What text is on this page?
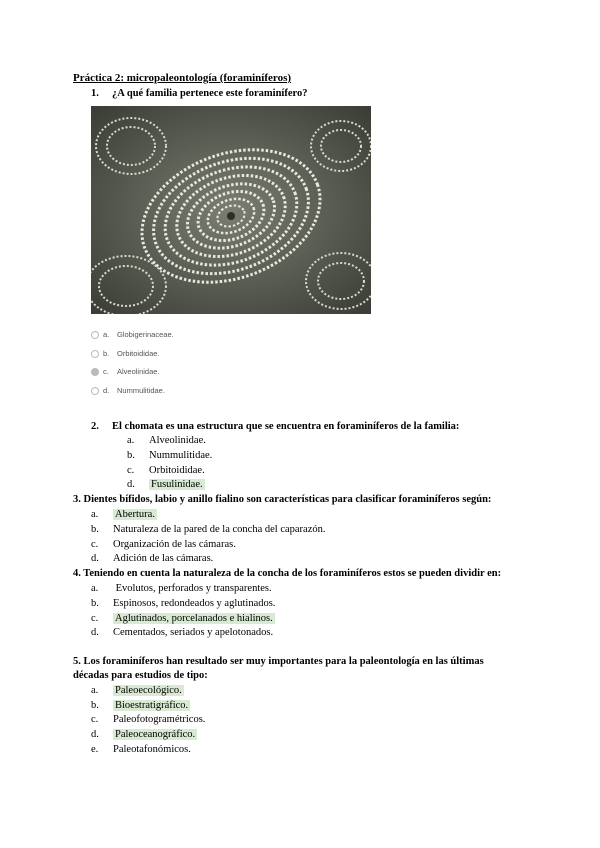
Práctica 2: micropaleontología (foraminíferos)
1.     ¿A qué familia pertenece este foraminífero?
a. Globigerinaceae.
b. Orbitoididae.
c. Alveolinidae.
d. Nummulitidae.
2.     El chomata es una estructura que se encuentra en foraminíferos de la familia:
a. Alveolinidae.
b. Nummulitidae.
c. Orbitoididae.
d. Fusulinidae.
3. Dientes bífidos, labio y anillo fialino son características para clasificar foraminíferos según:
a. Abertura.
b. Naturaleza de la pared de la concha del caparazón.
c. Organización de las cámaras.
d. Adición de las cámaras.
4. Teniendo en cuenta la naturaleza de la concha de los foraminíferos estos se pueden dividir en:
a. Evolutos, perforados y transparentes.
b. Espinosos, redondeados y aglutinados.
c. Aglutinados, porcelanados e hialinos.
d. Cementados, seriados y apelotonados.
5. Los foraminíferos han resultado ser muy importantes para la paleontología en las últimas
décadas para estudios de tipo:
a. Paleoecológico.
b. Bioestratigráfico.
c. Paleofotogramétricos.
d. Paleoceanográfico.
e. Paleotafonómicos.
